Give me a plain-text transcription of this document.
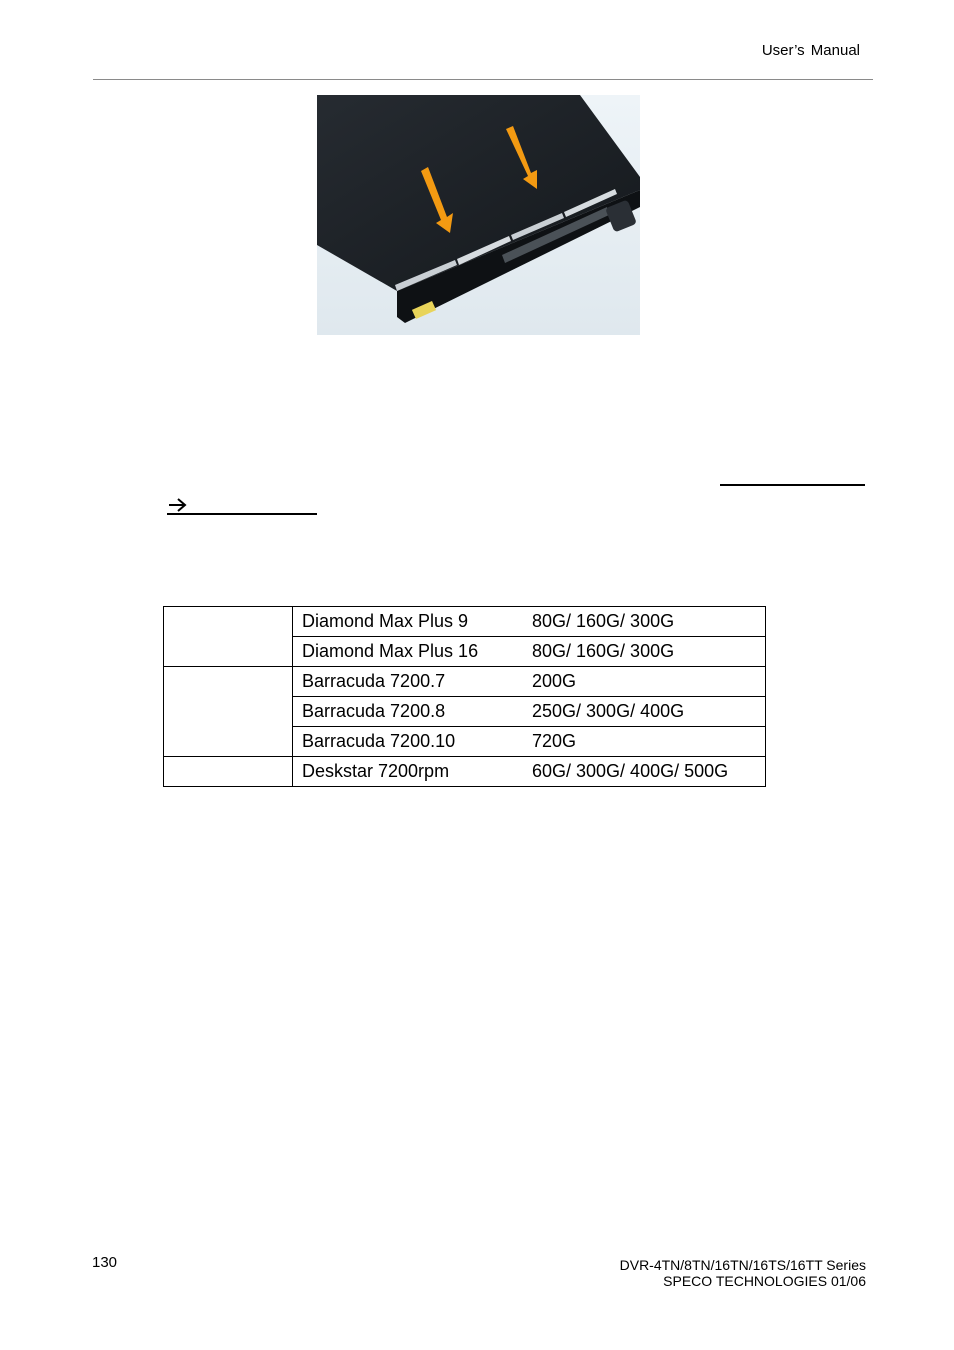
User’s Manual
	Diamond Max Plus 9	80G/ 160G/ 300G
	Diamond Max Plus 16	80G/ 160G/ 300G
	Barracuda 7200.7	200G
	Barracuda 7200.8	250G/ 300G/ 400G
	Barracuda 7200.10	720G
	Deskstar 7200rpm	60G/ 300G/ 400G/ 500G
130	DVR-4TN/8TN/16TN/16TS/16TT Series
SPECO TECHNOLOGIES 01/06
